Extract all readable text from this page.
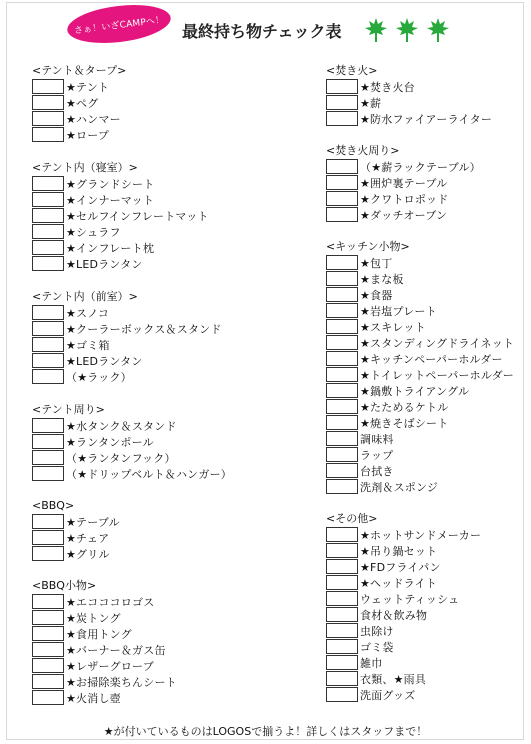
さぁ！いざCAMPへ！	最終持ち物チェック表
<テント＆タープ>
★テント
★ペグ
★ハンマー
★ロープ
<テント内（寝室）>
★グランドシート
★インナーマット
★セルフインフレートマット
★シュラフ
★インフレート枕
★LEDランタン
<テント内（前室）>
★スノコ
★クーラーボックス＆スタンド
★ゴミ箱
★LEDランタン
（★ラック）
<テント周り>
★水タンク＆スタンド
★ランタンポール
（★ランタンフック）
（★ドリップベルト＆ハンガー）
<BBQ>
★テーブル
★チェア
★グリル
<BBQ小物>
★エコココロゴス
★炭トング
★食用トング
★バーナー＆ガス缶
★レザーグローブ
★お掃除楽ちんシート
★火消し壺
<焚き火>
★焚き火台
★薪
★防水ファイアーライター
<焚き火周り>
（★薪ラックテーブル）
★囲炉裏テーブル
★クワトロポッド
★ダッチオーブン
<キッチン小物>
★包丁
★まな板
★食器
★岩塩プレート
★スキレット
★スタンディングドライネット
★キッチンペーパーホルダー
★トイレットペーパーホルダー
★鍋敷トライアングル
★たためるケトル
★焼きそばシート
調味料
ラップ
台拭き
洗剤＆スポンジ
<その他>
★ホットサンドメーカー
★吊り鍋セット
★FDフライパン
★ヘッドライト
ウェットティッシュ
食材＆飲み物
虫除け
ゴミ袋
雑巾
衣類、★雨具
洗面グッズ
★が付いているものはLOGOSで揃うよ！詳しくはスタッフまで！
